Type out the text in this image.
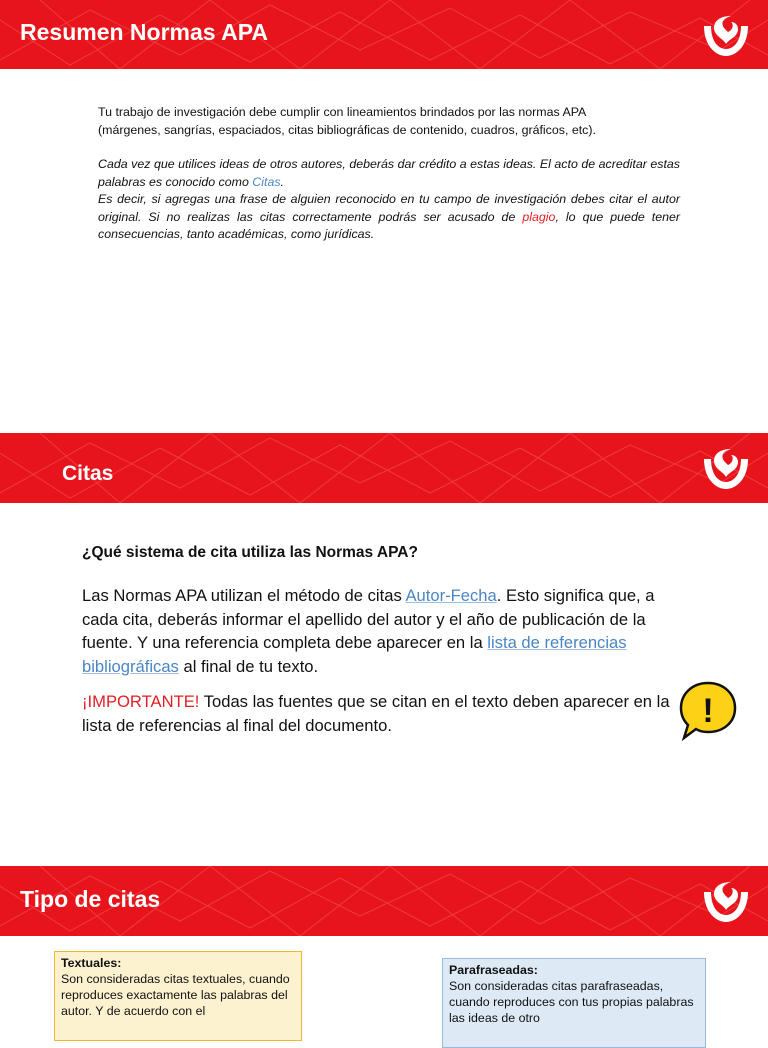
Resumen Normas APA

Tu trabajo de investigación debe cumplir con lineamientos brindados por las normas APA

(márgenes, sangrías, espaciados, citas bibliográficas de contenido, cuadros, gráficos, etc).

Cada vez que utilices ideas de otros autores, deberás dar crédito a estas ideas. El acto de acreditar estas palabras es conocido como Citas.

Es decir, si agregas una frase de alguien reconocido en tu campo de investigación debes citar el autor original. Si no realizas las citas correctamente podrás ser acusado de plagio, lo que puede tener consecuencias, tanto académicas, como jurídicas.

Citas
¿Qué sistema de cita utiliza las Normas APA?

Las Normas APA utilizan el método de citas Autor-Fecha. Esto significa que, a cada cita, deberás informar el apellido del autor y el año de publicación de la fuente. Y una referencia completa debe aparecer en la lista de referencias bibliográficas al final de tu texto.

¡IMPORTANTE! Todas las fuentes que se citan en el texto deben aparecer en la lista de referencias al final del documento.	!
Tipo de citas
Textuales:
Son consideradas citas textuales, cuando reproduces exactamente las palabras del autor. Y de acuerdo con el
Parafraseadas:
Son consideradas citas parafraseadas, cuando reproduces con tus propias palabras las ideas de otro
